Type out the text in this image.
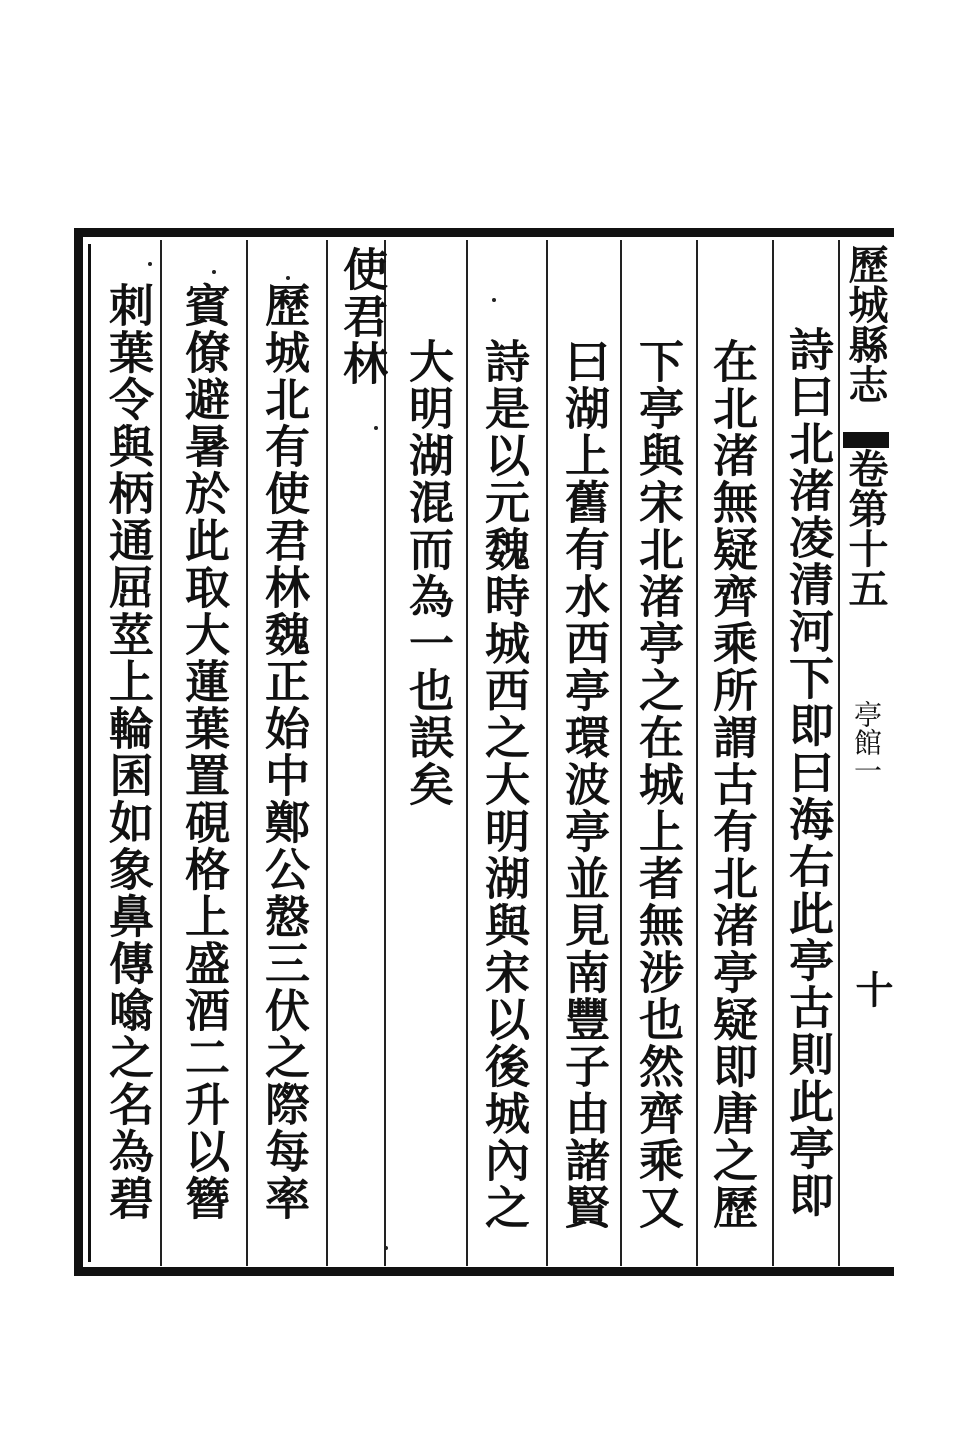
歷城縣志
卷第十五
亭館一
十
詩曰北渚凌清河下即曰海右此亭古則此亭即
在北渚無疑齊乘所謂古有北渚亭疑即唐之歷
下亭與宋北渚亭之在城上者無涉也然齊乘又
曰湖上舊有水西亭環波亭並見南豐子由諸賢
詩是以元魏時城西之大明湖與宋以後城內之
大明湖混而為一也誤矣
使君林
歷城北有使君林魏正始中鄭公慤三伏之際每率
賓僚避暑於此取大蓮葉置硯格上盛酒二升以簪
刺葉令與柄通屈莖上輪囷如象鼻傳噏之名為碧
